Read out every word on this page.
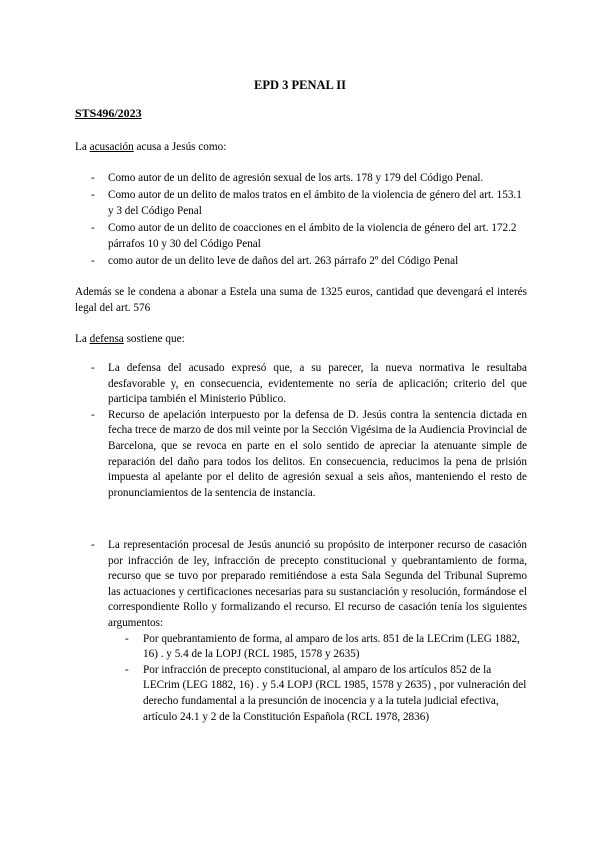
EPD 3 PENAL II
STS496/2023
La acusación acusa a Jesús como:
- Como autor de un delito de agresión sexual de los arts. 178 y 179 del Código Penal.
- Como autor de un delito de malos tratos en el ámbito de la violencia de género del art. 153.1 y 3 del Código Penal
- Como autor de un delito de coacciones en el ámbito de la violencia de género del art. 172.2 párrafos 10 y 30 del Código Penal
- como autor de un delito leve de daños del art. 263 párrafo 2º del Código Penal
Además se le condena a abonar a Estela una suma de 1325 euros, cantidad que devengará el interés legal del art. 576
La defensa sostiene que:
- La defensa del acusado expresó que, a su parecer, la nueva normativa le resultaba desfavorable y, en consecuencia, evidentemente no sería de aplicación; criterio del que participa también el Ministerio Público.
- Recurso de apelación interpuesto por la defensa de D. Jesús contra la sentencia dictada en fecha trece de marzo de dos mil veinte por la Sección Vigésima de la Audiencia Provincial de Barcelona, que se revoca en parte en el solo sentido de apreciar la atenuante simple de reparación del daño para todos los delitos. En consecuencia, reducimos la pena de prisión impuesta al apelante por el delito de agresión sexual a seis años, manteniendo el resto de pronunciamientos de la sentencia de instancia.
- La representación procesal de Jesús anunció su propósito de interponer recurso de casación por infracción de ley, infracción de precepto constitucional y quebrantamiento de forma, recurso que se tuvo por preparado remitiéndose a esta Sala Segunda del Tribunal Supremo las actuaciones y certificaciones necesarias para su sustanciación y resolución, formándose el correspondiente Rollo y formalizando el recurso. El recurso de casación tenía los siguientes argumentos:
- Por quebrantamiento de forma, al amparo de los arts. 851 de la LECrim (LEG 1882, 16) . y 5.4 de la LOPJ (RCL 1985, 1578 y 2635)
- Por infracción de precepto constitucional, al amparo de los artículos 852 de la LECrim (LEG 1882, 16) . y 5.4 LOPJ (RCL 1985, 1578 y 2635) , por vulneración del derecho fundamental a la presunción de inocencia y a la tutela judicial efectiva, artículo 24.1 y 2 de la Constitución Española (RCL 1978, 2836)
